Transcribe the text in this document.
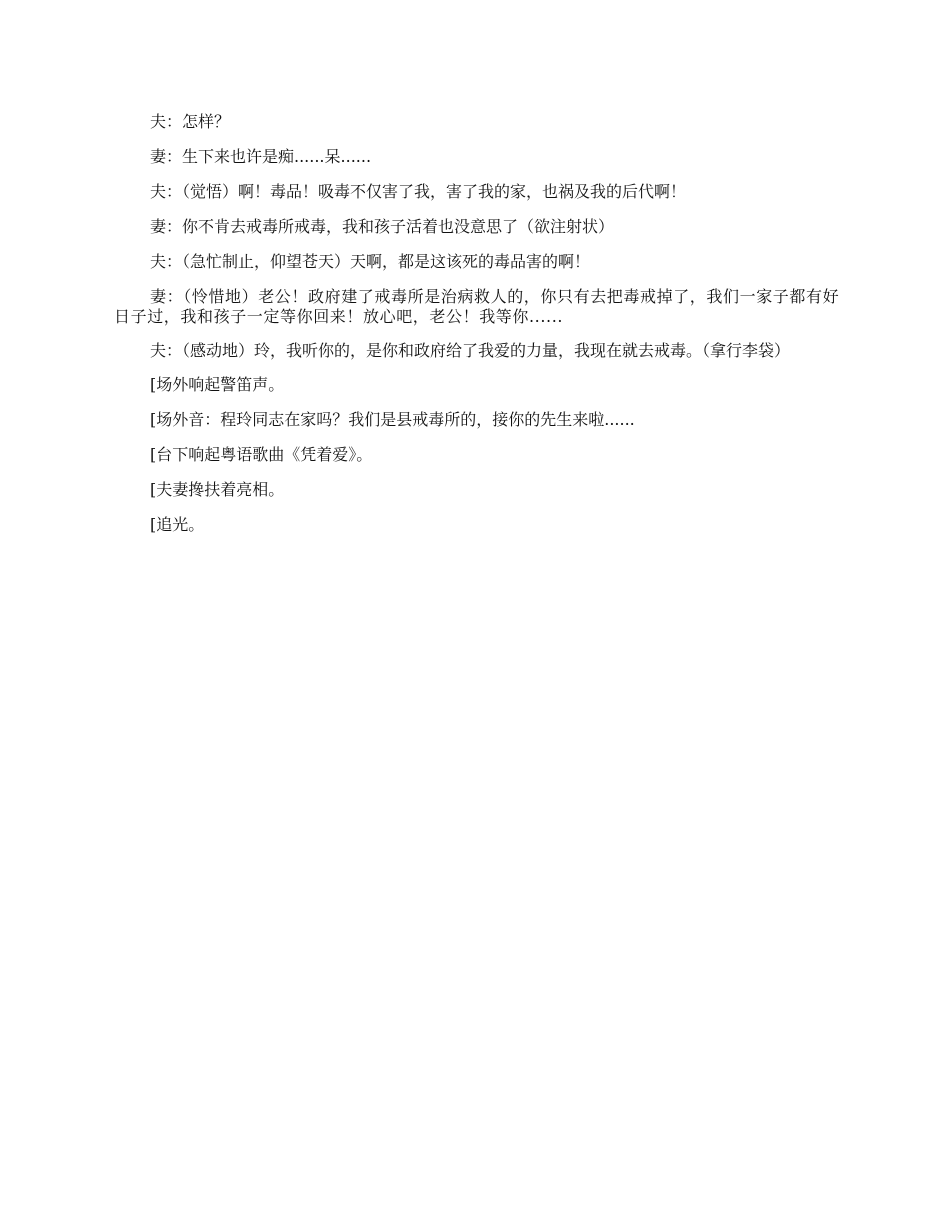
夫：怎样？

妻：生下来也许是痴......呆......

夫：（觉悟）啊！毒品！吸毒不仅害了我，害了我的家，也祸及我的后代啊！

妻：你不肯去戒毒所戒毒，我和孩子活着也没意思了（欲注射状）

夫：（急忙制止，仰望苍天）天啊，都是这该死的毒品害的啊！

妻：（怜惜地）老公！政府建了戒毒所是治病救人的，你只有去把毒戒掉了，我们一家子都有好日子过，我和孩子一定等你回来！放心吧，老公！我等你......

夫：（感动地）玲，我听你的，是你和政府给了我爱的力量，我现在就去戒毒。（拿行李袋）

[场外响起警笛声。

[场外音：程玲同志在家吗？我们是县戒毒所的，接你的先生来啦......

[台下响起粤语歌曲《凭着爱》。

[夫妻搀扶着亮相。

[追光。
